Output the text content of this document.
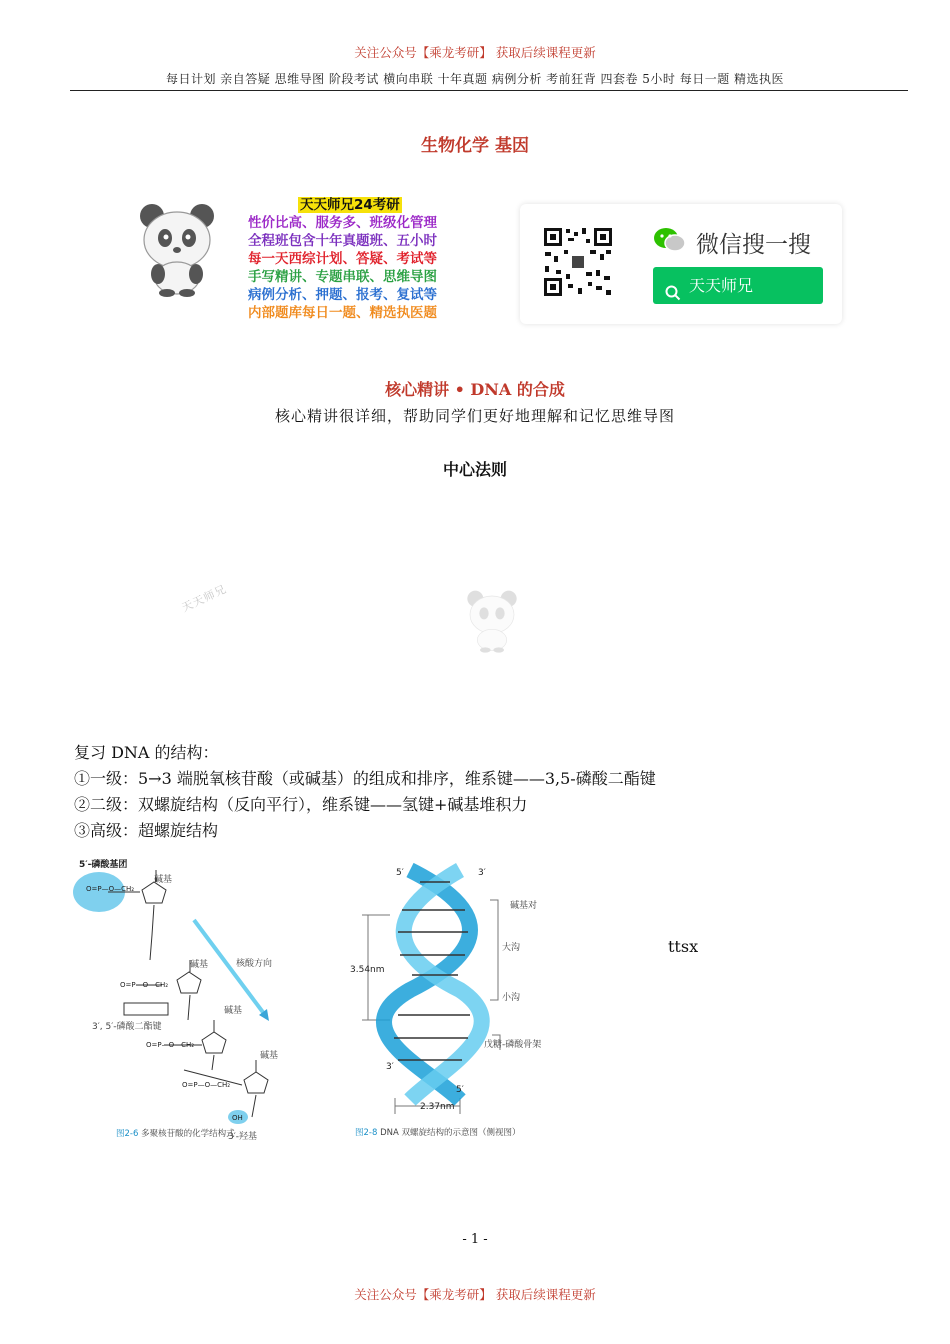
关注公众号【乘龙考研】 获取后续课程更新
每日计划 亲自答疑 思维导图 阶段考试 横向串联 十年真题 病例分析 考前狂背 四套卷 5小时 每日一题 精选执医
生物化学 基因
天天师兄24考研
性价比高、服务多、班级化管理
全程班包含十年真题班、五小时
每一天西综计划、答疑、考试等
手写精讲、专题串联、思维导图
病例分析、押题、报考、复试等
内部题库每日一题、精选执医题
微信搜一搜
天天师兄
核心精讲 • DNA 的合成
核心精讲很详细，帮助同学们更好地理解和记忆思维导图
中心法则
天天师兄
复习 DNA 的结构：
①一级：5→3 端脱氧核苷酸（或碱基）的组成和排序，维系键——3,5-磷酸二酯键
②二级：双螺旋结构（反向平行），维系键——氢键+碱基堆积力
③高级：超螺旋结构
O=P—O—CH₂
O=P—O—CH₂
O=P—O—CH₂
O=P—O—CH₂
OH
5′-磷酸基团
碱基
核酸方向
碱基
3′, 5′-磷酸二酯键
碱基
碱基
3′-羟基
图2-6 多聚核苷酸的化学结构式
5′	3′
碱基对
大沟
小沟
3.54nm
戊糖-磷酸骨架
3′
5′
2.37nm
图2-8 DNA 双螺旋结构的示意图（侧视图）
ttsx
- 1 -
关注公众号【乘龙考研】 获取后续课程更新
